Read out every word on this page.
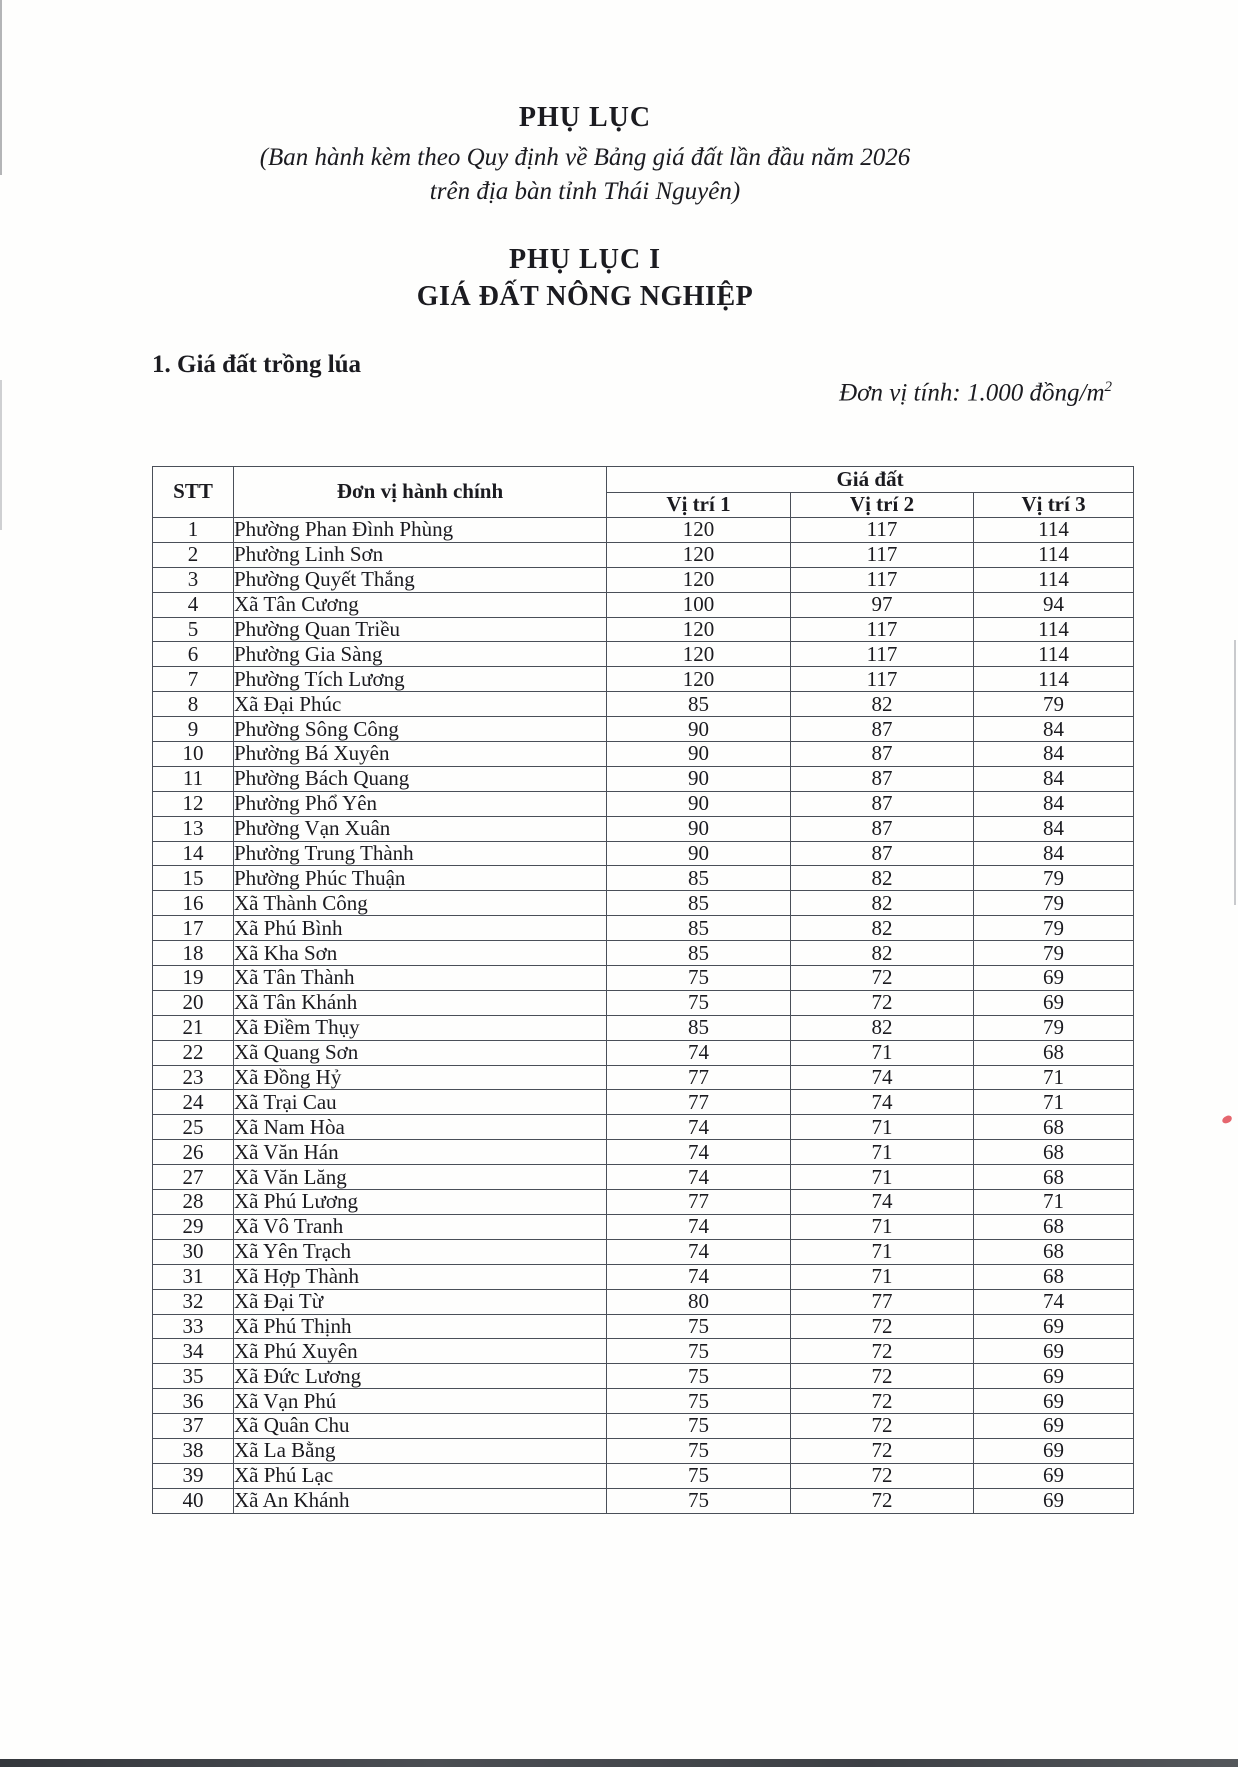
PHỤ LỤC
(Ban hành kèm theo Quy định về Bảng giá đất lần đầu năm 2026
trên địa bàn tỉnh Thái Nguyên)
PHỤ LỤC I
GIÁ ĐẤT NÔNG NGHIỆP
1. Giá đất trồng lúa
Đơn vị tính: 1.000 đồng/$m^2$
STT	Đơn vị hành chính	Giá đất		
		Vị trí 1	Vị trí 2	Vị trí 3
1	Phường Phan Đình Phùng	120	117	114
2	Phường Linh Sơn	120	117	114
3	Phường Quyết Thắng	120	117	114
4	Xã Tân Cương	100	97	94
5	Phường Quan Triều	120	117	114
6	Phường Gia Sàng	120	117	114
7	Phường Tích Lương	120	117	114
8	Xã Đại Phúc	85	82	79
9	Phường Sông Công	90	87	84
10	Phường Bá Xuyên	90	87	84
11	Phường Bách Quang	90	87	84
12	Phường Phổ Yên	90	87	84
13	Phường Vạn Xuân	90	87	84
14	Phường Trung Thành	90	87	84
15	Phường Phúc Thuận	85	82	79
16	Xã Thành Công	85	82	79
17	Xã Phú Bình	85	82	79
18	Xã Kha Sơn	85	82	79
19	Xã Tân Thành	75	72	69
20	Xã Tân Khánh	75	72	69
21	Xã Điềm Thụy	85	82	79
22	Xã Quang Sơn	74	71	68
23	Xã Đồng Hỷ	77	74	71
24	Xã Trại Cau	77	74	71
25	Xã Nam Hòa	74	71	68
26	Xã Văn Hán	74	71	68
27	Xã Văn Lăng	74	71	68
28	Xã Phú Lương	77	74	71
29	Xã Vô Tranh	74	71	68
30	Xã Yên Trạch	74	71	68
31	Xã Hợp Thành	74	71	68
32	Xã Đại Từ	80	77	74
33	Xã Phú Thịnh	75	72	69
34	Xã Phú Xuyên	75	72	69
35	Xã Đức Lương	75	72	69
36	Xã Vạn Phú	75	72	69
37	Xã Quân Chu	75	72	69
38	Xã La Bằng	75	72	69
39	Xã Phú Lạc	75	72	69
40	Xã An Khánh	75	72	69
